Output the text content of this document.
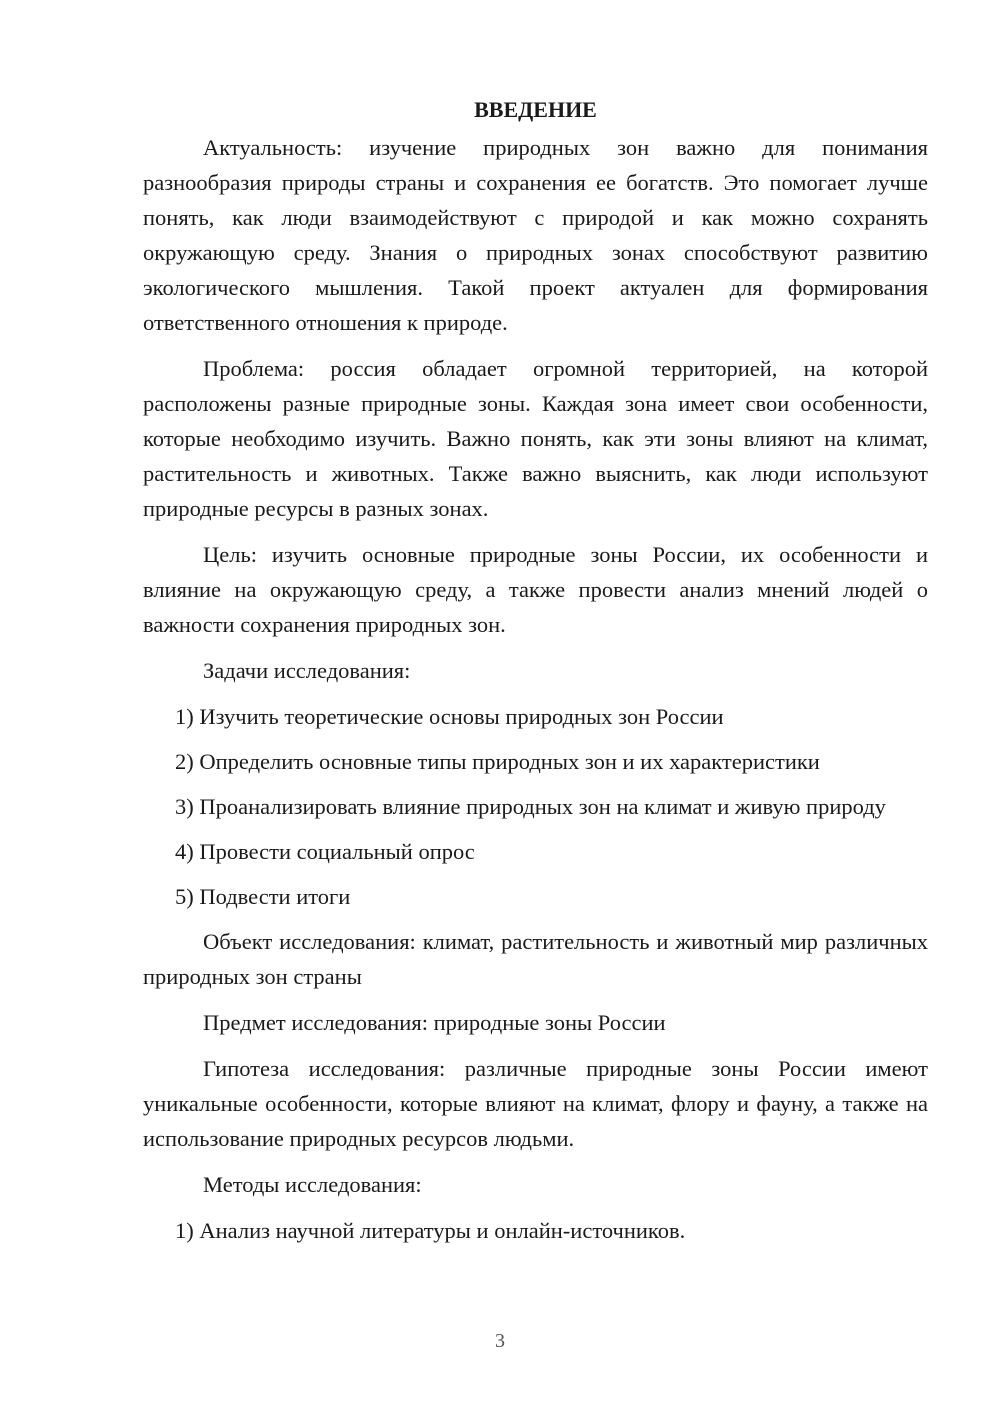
ВВЕДЕНИЕ
Актуальность: изучение природных зон важно для понимания разнообразия природы страны и сохранения ее богатств. Это помогает лучше понять, как люди взаимодействуют с природой и как можно сохранять окружающую среду. Знания о природных зонах способствуют развитию экологического мышления. Такой проект актуален для формирования ответственного отношения к природе.
Проблема: россия обладает огромной территорией, на которой расположены разные природные зоны. Каждая зона имеет свои особенности, которые необходимо изучить. Важно понять, как эти зоны влияют на климат, растительность и животных. Также важно выяснить, как люди используют природные ресурсы в разных зонах.
Цель: изучить основные природные зоны России, их особенности и влияние на окружающую среду, а также провести анализ мнений людей о важности сохранения природных зон.
Задачи исследования:
1) Изучить теоретические основы природных зон России
2) Определить основные типы природных зон и их характеристики
3) Проанализировать влияние природных зон на климат и живую природу
4) Провести социальный опрос
5) Подвести итоги
Объект исследования: климат, растительность и животный мир различных природных зон страны
Предмет исследования: природные зоны России
Гипотеза исследования: различные природные зоны России имеют уникальные особенности, которые влияют на климат, флору и фауну, а также на использование природных ресурсов людьми.
Методы исследования:
1) Анализ научной литературы и онлайн-источников.
3
